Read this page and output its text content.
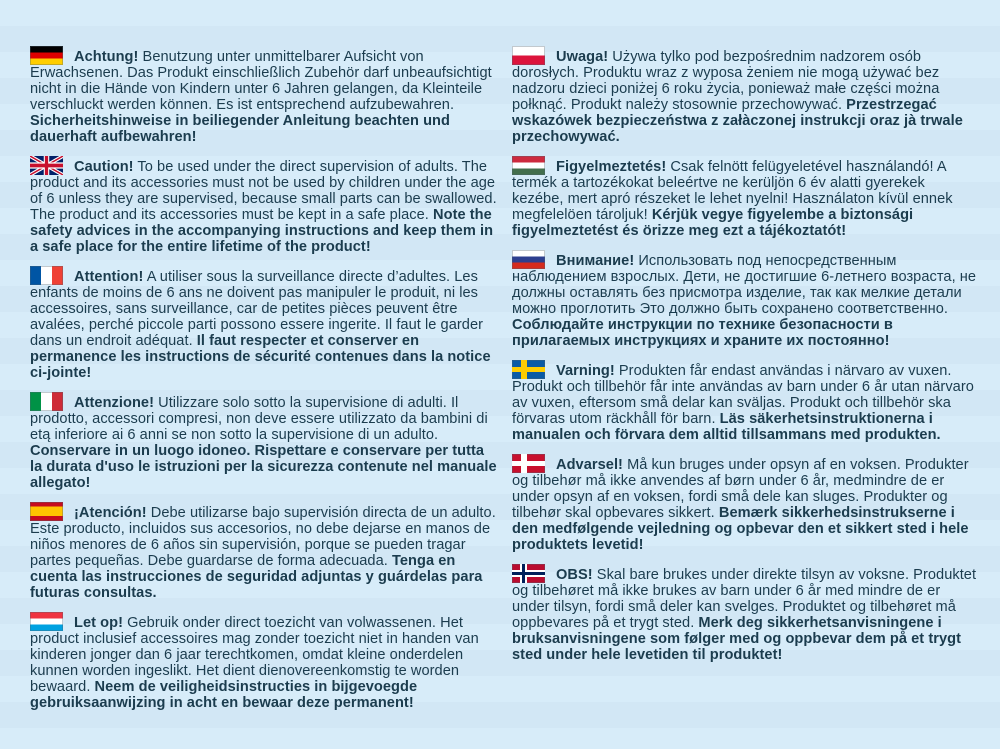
Achtung! Benutzung unter unmittelbarer Aufsicht von Erwachsenen. Das Produkt einschließlich Zubehör darf unbeaufsichtigt nicht in die Hände von Kindern unter 6 Jahren gelangen, da Kleinteile verschluckt werden können. Es ist entsprechend aufzubewahren. Sicherheitshinweise in beiliegender Anleitung beachten und dauerhaft aufbewahren!

Caution! To be used under the direct supervision of adults. The product and its accessories must not be used by children under the age of 6 unless they are supervised, because small parts can be swallowed. The product and its accessories must be kept in a safe place. Note the safety advices in the accompanying instructions and keep them in a safe place for the entire lifetime of the product!

Attention! A utiliser sous la surveillance directe d’adultes. Les enfants de moins de 6 ans ne doivent pas manipuler le produit, ni les accessoires, sans surveillance, car de petites pièces peuvent être avalées, perché piccole parti possono essere ingerite. Il faut le garder dans un endroit adéquat. Il faut respecter et conserver en permanence les instructions de sécurité contenues dans la notice ci-jointe!

Attenzione! Utilizzare solo sotto la supervisione di adulti. Il prodotto, accessori compresi, non deve essere utilizzato da bambini di etą inferiore ai 6 anni se non sotto la supervisione di un adulto. Conservare in un luogo idoneo. Rispettare e conservare per tutta la durata d'uso le istruzioni per la sicurezza contenute nel manuale allegato!

¡Atención! Debe utilizarse bajo supervisión directa de un adulto. Este producto, incluidos sus accesorios, no debe dejarse en manos de niños menores de 6 años sin supervisión, porque se pueden tragar partes pequeñas. Debe guardarse de forma adecuada. Tenga en cuenta las instrucciones de seguridad adjuntas y guárdelas para futuras consultas.

Let op! Gebruik onder direct toezicht van volwassenen. Het product inclusief accessoires mag zonder toezicht niet in handen van kinderen jonger dan 6 jaar terechtkomen, omdat kleine onderdelen kunnen worden ingeslikt. Het dient dienovereenkomstig te worden bewaard. Neem de veiligheidsinstructies in bijgevoegde gebruiksaanwijzing in acht en bewaar deze permanent!

Uwaga! Używa tylko pod bezpośrednim nadzorem osób dorosłych. Produktu wraz z wyposa żeniem nie mogą używać bez nadzoru dzieci poniżej 6 roku życia, ponieważ małe części można połknąć. Produkt należy stosownie przechowywać. Przestrzegać wskazówek bezpieczeństwa z załàczonej instrukcji oraz jà trwale przechowywać.

Figyelmeztetés! Csak felnött felügyeletével használandó! A termék a tartozékokat beleértve ne kerüljön 6 év alatti gyerekek kezébe, mert apró részeket le lehet nyelni! Használaton kívül ennek megfelelöen tároljuk! Kérjük vegye figyelembe a biztonsági figyelmeztetést és örizze meg ezt a tájékoztatót!

Внимание! Использовать под непосредственным наблюдением взрослых. Дети, не достигшие 6-летнего возраста, не должны оставлять без присмотра изделие, так как мелкие детали можно проглотить Это должно быть сохранено соответственно. Соблюдайте инструкции по технике безопасности в прилагаемых инструкциях и храните их постоянно!

Varning! Produkten får endast användas i närvaro av vuxen. Produkt och tillbehör får inte användas av barn under 6 år utan närvaro av vuxen, eftersom små delar kan sväljas. Produkt och tillbehör ska förvaras utom räckhåll för barn. Läs säkerhetsinstruktionerna i manualen och förvara dem alltid tillsammans med produkten.

Advarsel! Må kun bruges under opsyn af en voksen. Produkter og tilbehør må ikke anvendes af børn under 6 år, medmindre de er under opsyn af en voksen, fordi små dele kan sluges. Produkter og tilbehør skal opbevares sikkert. Bemærk sikkerhedsinstrukserne i den medfølgende vejledning og opbevar den et sikkert sted i hele produktets levetid!

OBS! Skal bare brukes under direkte tilsyn av voksne. Produktet og tilbehøret må ikke brukes av barn under 6 år med mindre de er under tilsyn, fordi små deler kan svelges. Produktet og tilbehøret må oppbevares på et trygt sted. Merk deg sikkerhetsanvisningene i bruksanvisningene som følger med og oppbevar dem på et trygt sted under hele levetiden til produktet!
